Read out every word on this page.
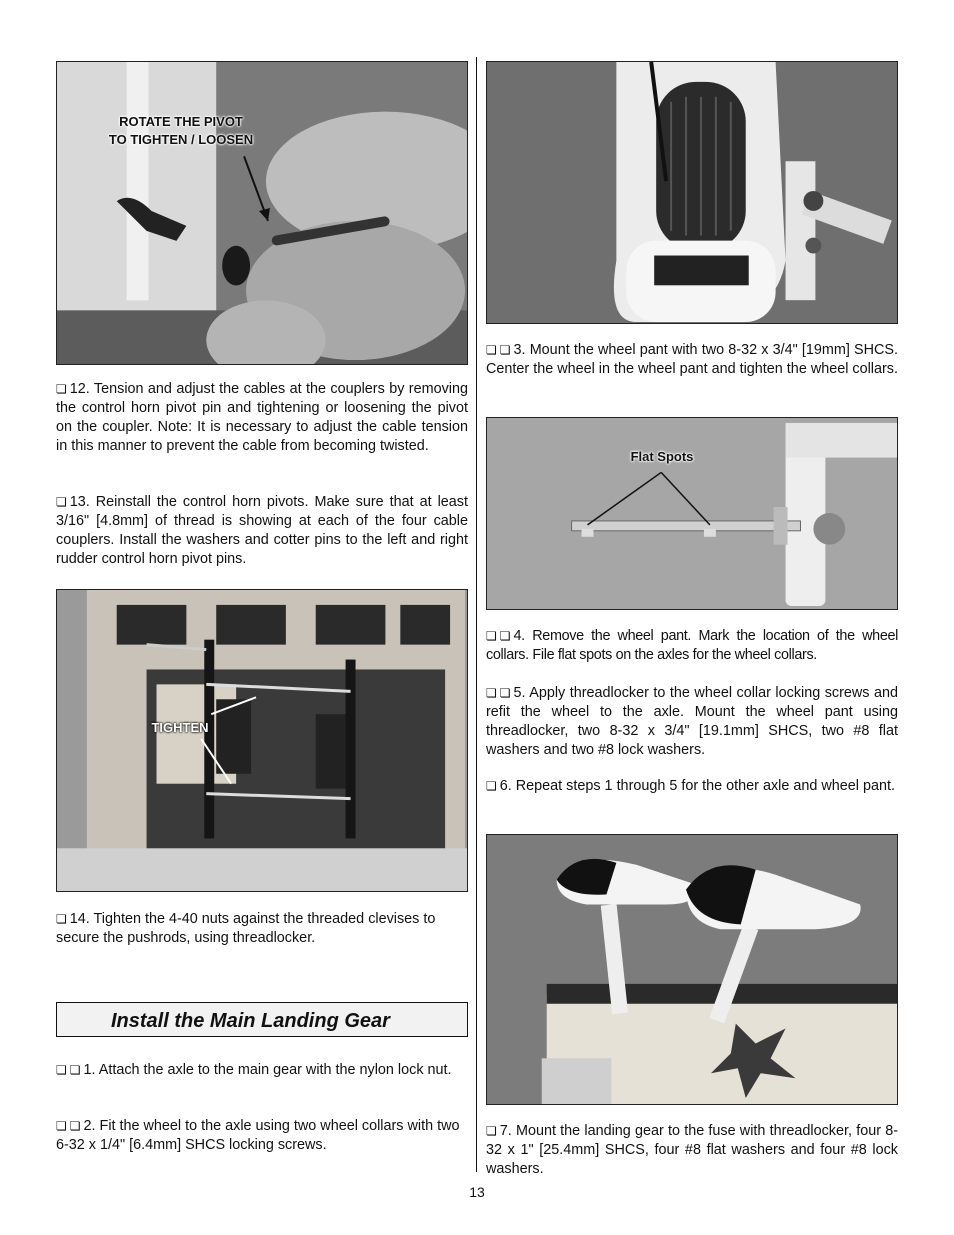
ROTATE THE PIVOT
TO TIGHTEN / LOOSEN
❏ 12. Tension and adjust the cables at the couplers by removing the control horn pivot pin and tightening or loosening the pivot on the coupler. Note: It is necessary to adjust the cable tension in this manner to prevent the cable from becoming twisted.
❏ 13. Reinstall the control horn pivots. Make sure that at least 3/16" [4.8mm] of thread is showing at each of the four cable couplers. Install the washers and cotter pins to the left and right rudder control horn pivot pins.
TIGHTEN
❏ 14. Tighten the 4-40 nuts against the threaded clevises to secure the pushrods, using threadlocker.
Install the Main Landing Gear
❏ ❏ 1. Attach the axle to the main gear with the nylon lock nut.
❏ ❏ 2. Fit the wheel to the axle using two wheel collars with two 6-32 x 1/4" [6.4mm] SHCS locking screws.
❏ ❏ 3. Mount the wheel pant with two 8-32 x 3/4" [19mm] SHCS. Center the wheel in the wheel pant and tighten the wheel collars.
Flat Spots
❏ ❏ 4. Remove the wheel pant. Mark the location of the wheel collars. File flat spots on the axles for the wheel collars.
❏ ❏ 5. Apply threadlocker to the wheel collar locking screws and refit the wheel to the axle. Mount the wheel pant using threadlocker, two 8-32 x 3/4" [19.1mm] SHCS, two #8 flat washers and two #8 lock washers.
❏ 6. Repeat steps 1 through 5 for the other axle and wheel pant.
❏ 7. Mount the landing gear to the fuse with threadlocker, four 8-32 x 1" [25.4mm] SHCS, four #8 flat washers and four #8 lock washers.
13
